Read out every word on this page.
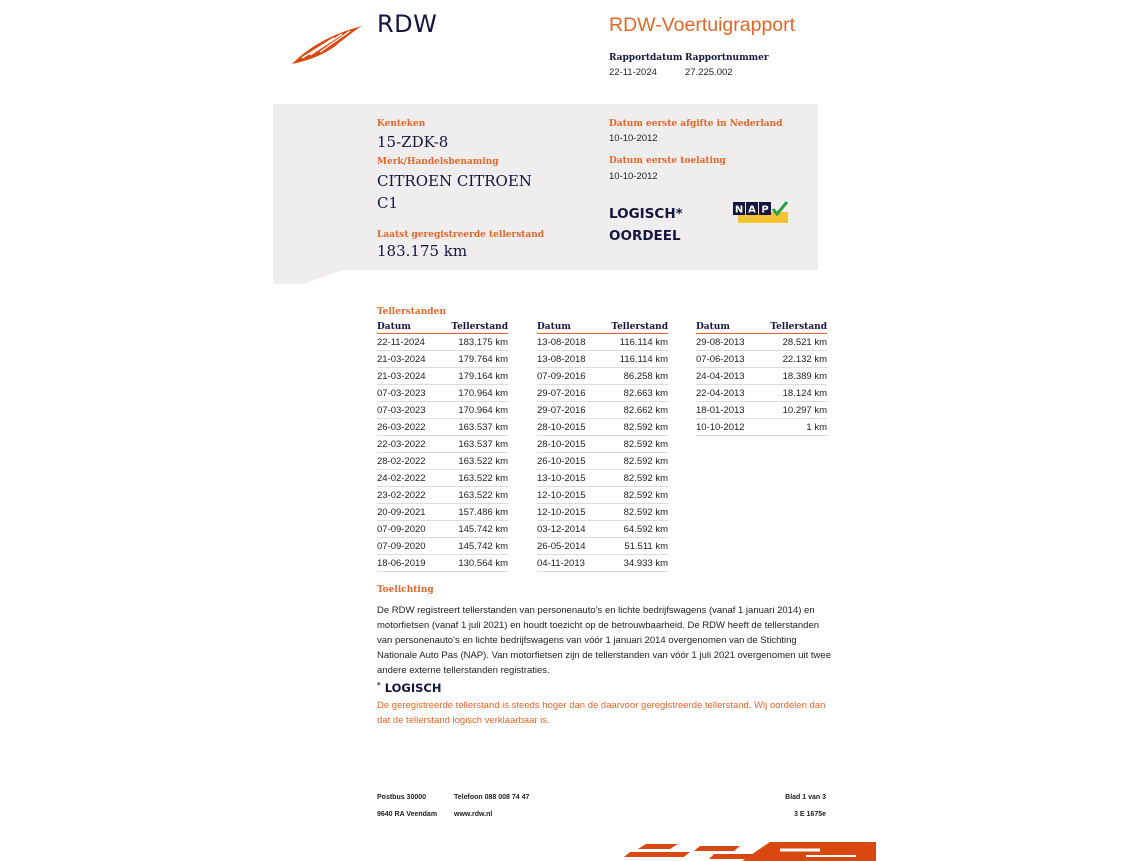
RDW	RDW-Voertuigrapport
Rapportdatum
22-11-2024
Rapportnummer
27.225.002
Kenteken
15-ZDK-8
Merk/Handelsbenaming
CITROEN CITROEN
C1
Laatst geregistreerde tellerstand
183.175 km
Datum eerste afgifte in Nederland
10-10-2012
Datum eerste toelating
10-10-2012
LOGISCH*
OORDEEL
N A P
Tellerstanden
Datum	Tellerstand
22-11-2024	183.175 km
21-03-2024	179.764 km
21-03-2024	179.164 km
07-03-2023	170.964 km
07-03-2023	170.964 km
26-03-2022	163.537 km
22-03-2022	163.537 km
28-02-2022	163.522 km
24-02-2022	163.522 km
23-02-2022	163.522 km
20-09-2021	157.486 km
07-09-2020	145.742 km
07-09-2020	145.742 km
18-06-2019	130.564 km
Datum	Tellerstand
13-08-2018	116.114 km
13-08-2018	116.114 km
07-09-2016	86.258 km
29-07-2016	82.663 km
29-07-2016	82.662 km
28-10-2015	82.592 km
28-10-2015	82.592 km
26-10-2015	82.592 km
13-10-2015	82.592 km
12-10-2015	82.592 km
12-10-2015	82.592 km
03-12-2014	64.592 km
26-05-2014	51.511 km
04-11-2013	34.933 km
Datum	Tellerstand
29-08-2013	28.521 km
07-06-2013	22.132 km
24-04-2013	18.389 km
22-04-2013	18.124 km
18-01-2013	10.297 km
10-10-2012	1 km
Toelichting
De RDW registreert tellerstanden van personenauto’s en lichte bedrijfswagens (vanaf 1 januari 2014) en motorfietsen (vanaf 1 juli 2021) en houdt toezicht op de betrouwbaarheid. De RDW heeft de tellerstanden van personenauto’s en lichte bedrijfswagens van vóór 1 januari 2014 overgenomen van de Stichting Nationale Auto Pas (NAP). Van motorfietsen zijn de tellerstanden van vóór 1 juli 2021 overgenomen uit twee andere externe tellerstanden registraties.
* LOGISCH
De geregistreerde tellerstand is steeds hoger dan de daarvoor geregistreerde tellerstand. Wij oordelen dan dat de tellerstand logisch verklaarbaar is.
Postbus 30000
9640 RA Veendam
Telefoon 088 008 74 47
www.rdw.nl
Blad 1 van 3
3 E 1675e
